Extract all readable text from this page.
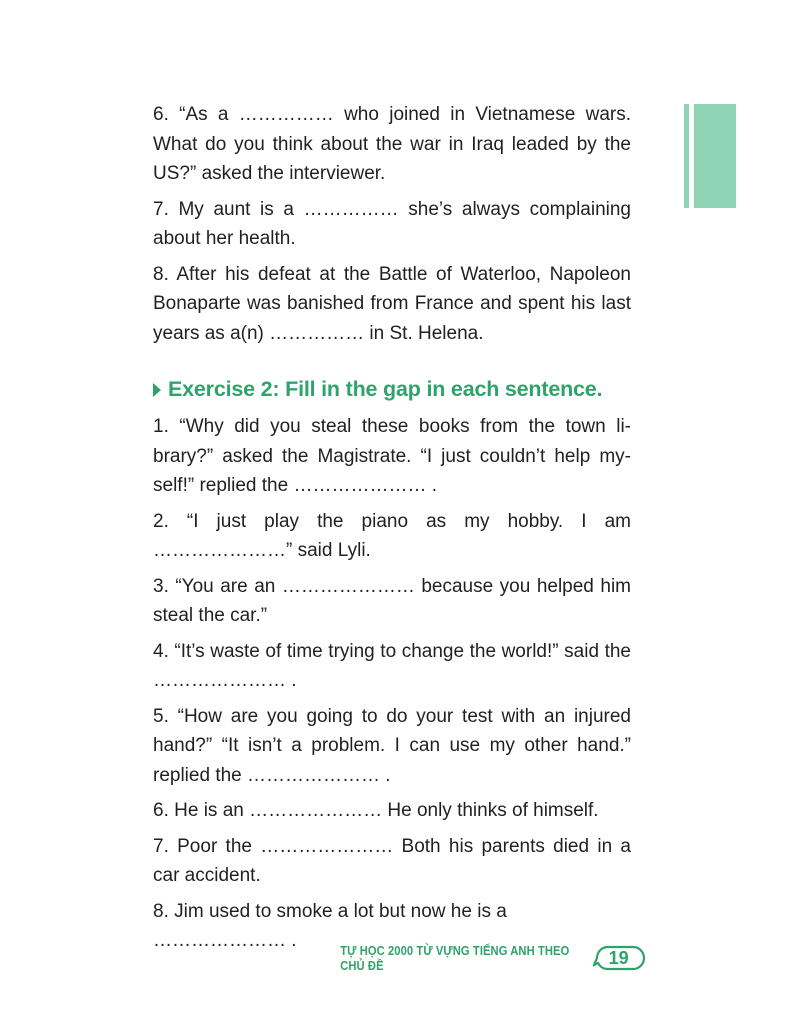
6. “As a …………… who joined in Vietnamese wars. What do you think about the war in Iraq leaded by the US?” asked the interviewer.

7. My aunt is a …………… she’s always complaining about her health.

8. After his defeat at the Battle of Waterloo, Napoleon Bonaparte was banished from France and spent his last years as a(n) …………… in St. Helena.

Exercise 2: Fill in the gap in each sentence.

1. “Why did you steal these books from the town li-brary?” asked the Magistrate. “I just couldn’t help my-self!” replied the ………………… .

2. “I just play the piano as my hobby. I am …………………” said Lyli.

3. “You are an ………………… because you helped him steal the car.”

4. “It’s waste of time trying to change the world!” said the ………………… .

5. “How are you going to do your test with an injured hand?” “It isn’t a problem. I can use my other hand.” replied the ………………… .

6. He is an ………………… He only thinks of himself.

7. Poor the ………………… Both his parents died in a car accident.

8. Jim used to smoke a lot but now he is a ………………… .	TỰ HỌC 2000 TỪ VỰNG TIẾNG ANH THEO CHỦ ĐỀ	19
